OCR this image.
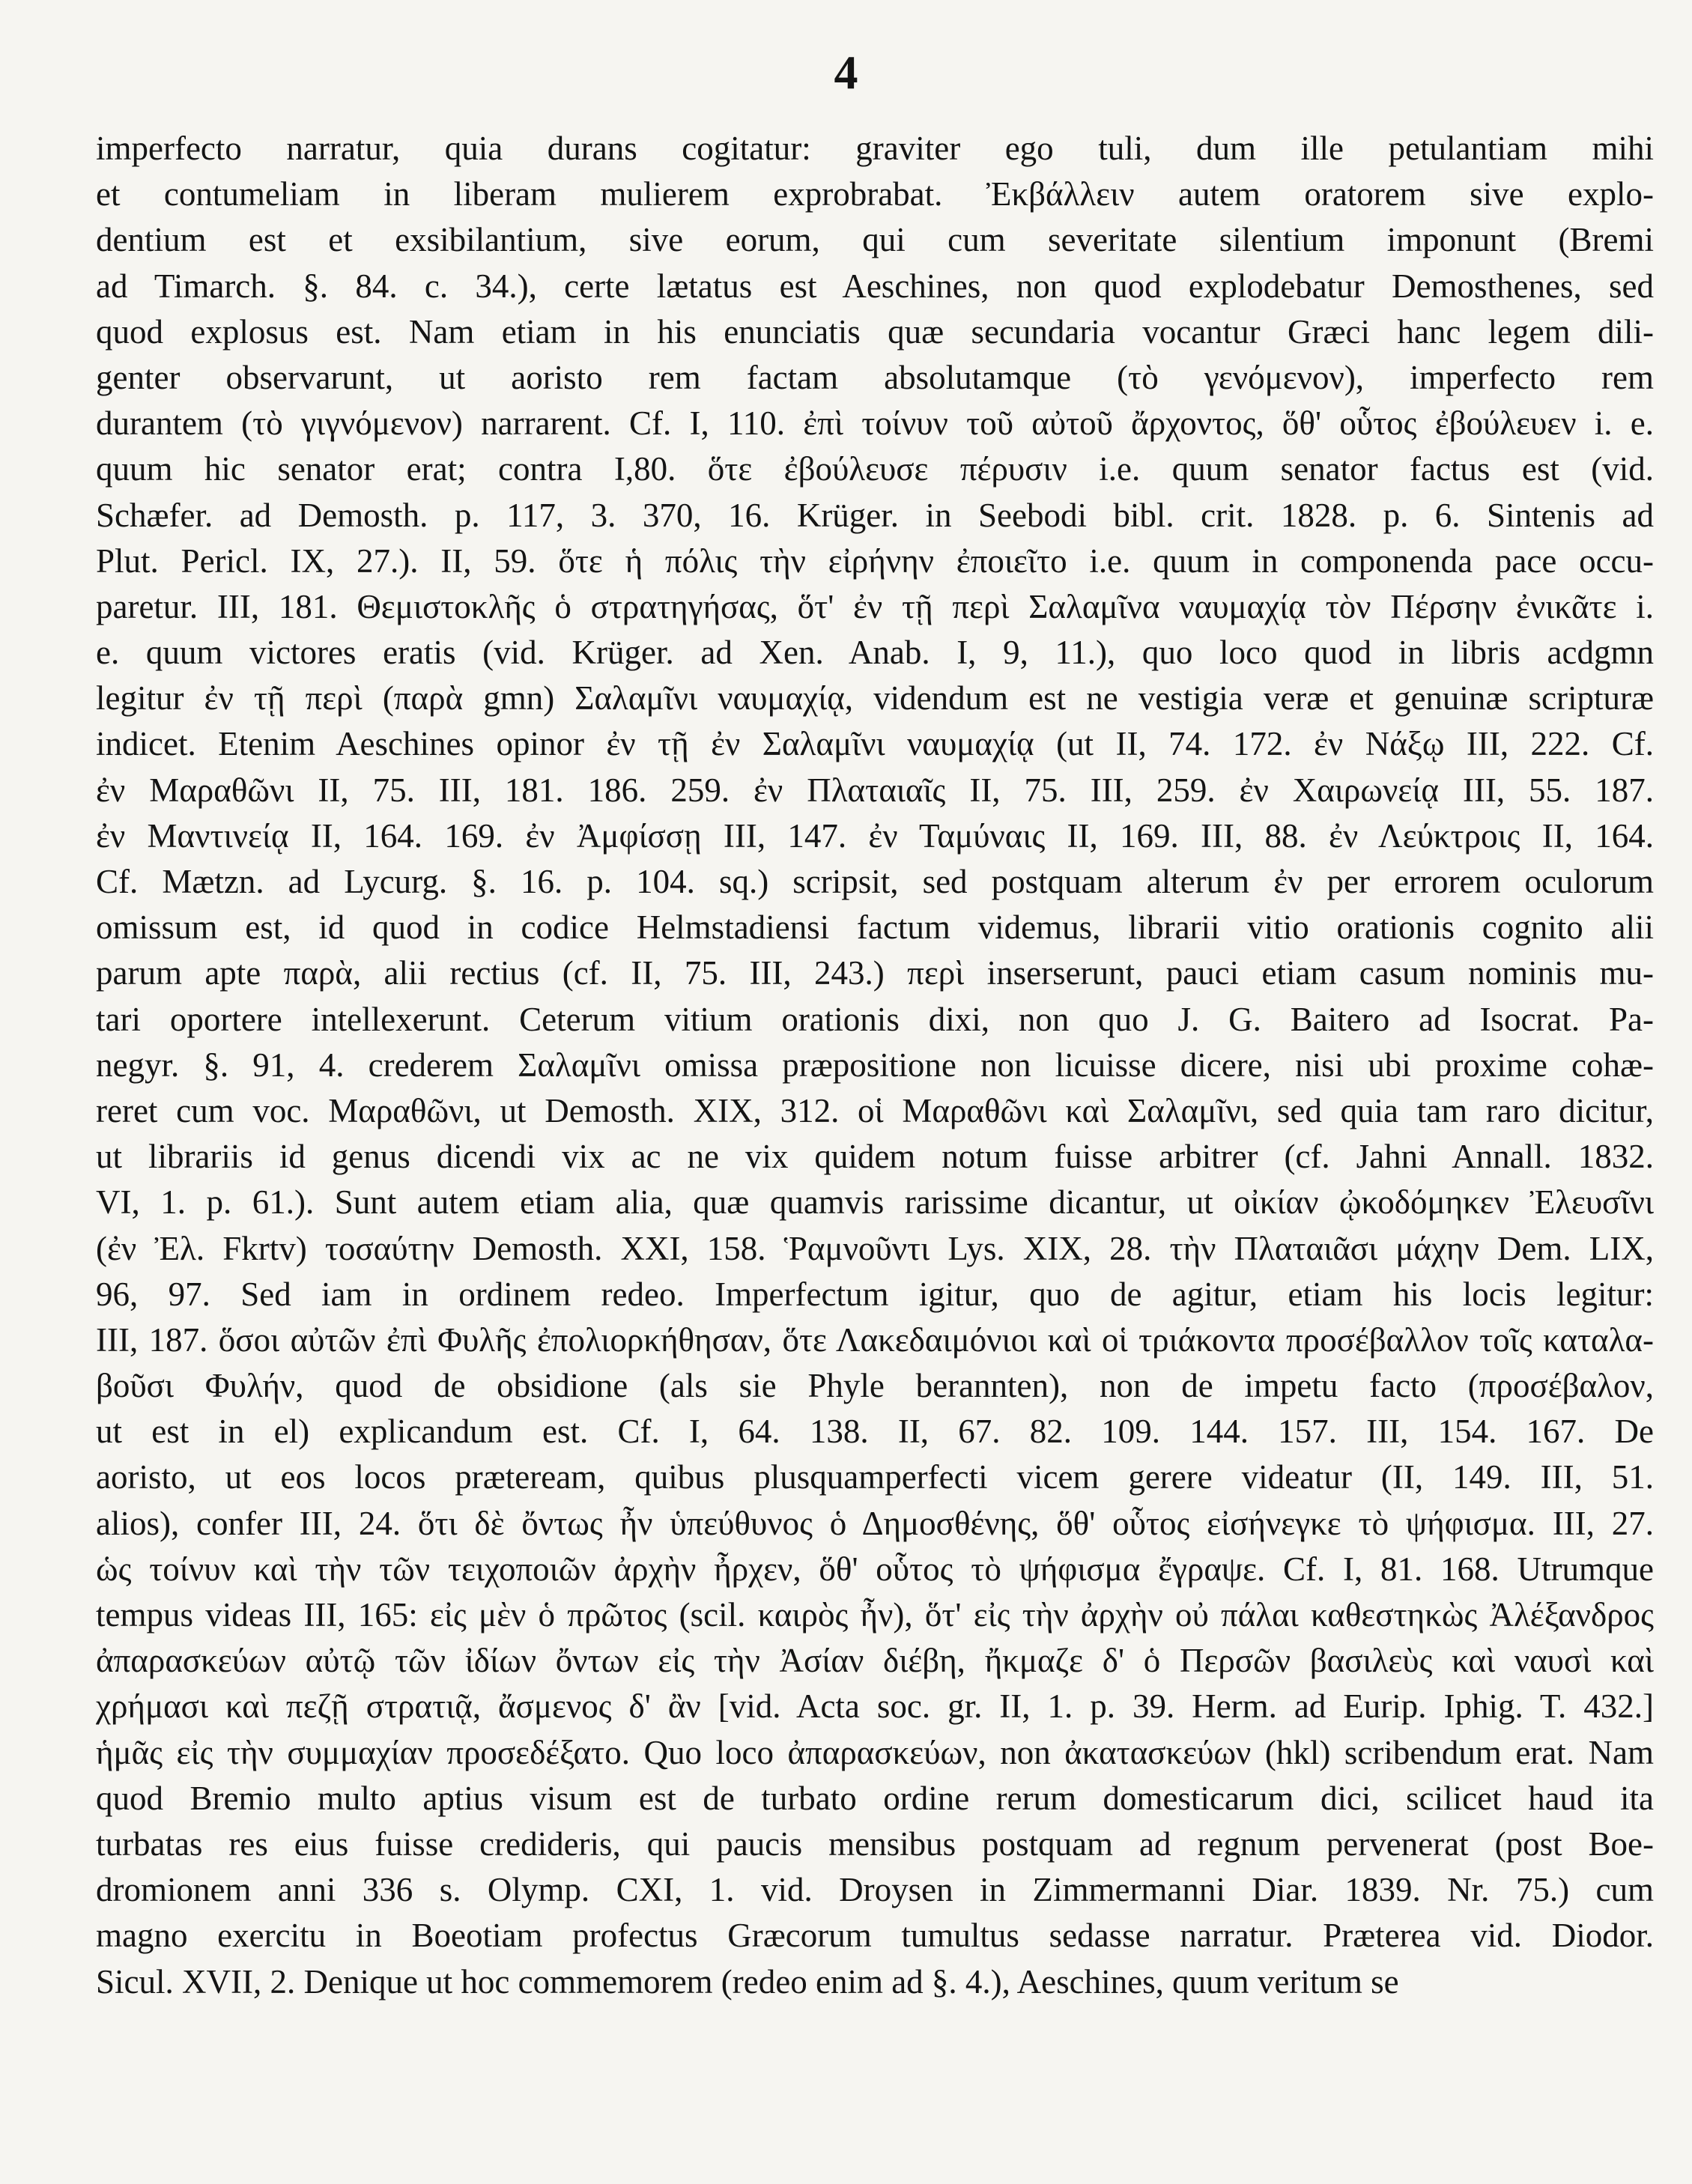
4
imperfecto narratur, quia durans cogitatur: graviter ego tuli, dum ille petulantiam mihi
et contumeliam in liberam mulierem exprobrabat. Ἐκβάλλειν autem oratorem sive explo-
dentium est et exsibilantium, sive eorum, qui cum severitate silentium imponunt (Bremi
ad Timarch. §. 84. c. 34.), certe lætatus est Aeschines, non quod explodebatur Demosthenes, sed
quod explosus est. Nam etiam in his enunciatis quæ secundaria vocantur Græci hanc legem dili-
genter observarunt, ut aoristo rem factam absolutamque (τὸ γενόμενον), imperfecto rem
durantem (τὸ γιγνόμενον) narrarent. Cf. I, 110. ἐπὶ τοίνυν τοῦ αὐτοῦ ἄρχοντος, ὅθ' οὗτος ἐβούλευεν i. e.
quum hic senator erat; contra I,80. ὅτε ἐβούλευσε πέρυσιν i.e. quum senator factus est (vid.
Schæfer. ad Demosth. p. 117, 3. 370, 16. Krüger. in Seebodi bibl. crit. 1828. p. 6. Sintenis ad
Plut. Pericl. IX, 27.). II, 59. ὅτε ἡ πόλις τὴν εἰρήνην ἐποιεῖτο i.e. quum in componenda pace occu-
paretur. III, 181. Θεμιστοκλῆς ὁ στρατηγήσας, ὅτ' ἐν τῇ περὶ Σαλαμῖνα ναυμαχίᾳ τὸν Πέρσην ἐνικᾶτε i.
e. quum victores eratis (vid. Krüger. ad Xen. Anab. I, 9, 11.), quo loco quod in libris acdgmn
legitur ἐν τῇ περὶ (παρὰ gmn) Σαλαμῖνι ναυμαχίᾳ, videndum est ne vestigia veræ et genuinæ scripturæ
indicet. Etenim Aeschines opinor ἐν τῇ ἐν Σαλαμῖνι ναυμαχίᾳ (ut II, 74. 172. ἐν Νάξῳ III, 222. Cf.
ἐν Μαραθῶνι II, 75. III, 181. 186. 259. ἐν Πλαταιαῖς II, 75. III, 259. ἐν Χαιρωνείᾳ III, 55. 187.
ἐν Μαντινείᾳ II, 164. 169. ἐν Ἀμφίσσῃ III, 147. ἐν Ταμύναις II, 169. III, 88. ἐν Λεύκτροις II, 164.
Cf. Mætzn. ad Lycurg. §. 16. p. 104. sq.) scripsit, sed postquam alterum ἐν per errorem oculorum
omissum est, id quod in codice Helmstadiensi factum videmus, librarii vitio orationis cognito alii
parum apte παρὰ, alii rectius (cf. II, 75. III, 243.) περὶ inserserunt, pauci etiam casum nominis mu-
tari oportere intellexerunt. Ceterum vitium orationis dixi, non quo J. G. Baitero ad Isocrat. Pa-
negyr. §. 91, 4. crederem Σαλαμῖνι omissa præpositione non licuisse dicere, nisi ubi proxime cohæ-
reret cum voc. Μαραθῶνι, ut Demosth. XIX, 312. οἱ Μαραθῶνι καὶ Σαλαμῖνι, sed quia tam raro dicitur,
ut librariis id genus dicendi vix ac ne vix quidem notum fuisse arbitrer (cf. Jahni Annall. 1832.
VI, 1. p. 61.). Sunt autem etiam alia, quæ quamvis rarissime dicantur, ut οἰκίαν ᾠκοδόμηκεν Ἐλευσῖνι
(ἐν Ἐλ. Fkrtv) τοσαύτην Demosth. XXI, 158. Ῥαμνοῦντι Lys. XIX, 28. τὴν Πλαταιᾶσι μάχην Dem. LIX,
96, 97. Sed iam in ordinem redeo. Imperfectum igitur, quo de agitur, etiam his locis legitur:
III, 187. ὅσοι αὐτῶν ἐπὶ Φυλῆς ἐπολιορκήθησαν, ὅτε Λακεδαιμόνιοι καὶ οἱ τριάκοντα προσέβαλλον τοῖς καταλα-
βοῦσι Φυλήν, quod de obsidione (als sie Phyle berannten), non de impetu facto (προσέβαλον,
ut est in el) explicandum est. Cf. I, 64. 138. II, 67. 82. 109. 144. 157. III, 154. 167. De
aoristo, ut eos locos præteream, quibus plusquamperfecti vicem gerere videatur (II, 149. III, 51.
alios), confer III, 24. ὅτι δὲ ὄντως ἦν ὑπεύθυνος ὁ Δημοσθένης, ὅθ' οὗτος εἰσήνεγκε τὸ ψήφισμα. III, 27.
ὡς τοίνυν καὶ τὴν τῶν τειχοποιῶν ἀρχὴν ἦρχεν, ὅθ' οὗτος τὸ ψήφισμα ἔγραψε. Cf. I, 81. 168. Utrumque
tempus videas III, 165: εἰς μὲν ὁ πρῶτος (scil. καιρὸς ἦν), ὅτ' εἰς τὴν ἀρχὴν οὐ πάλαι καθεστηκὼς Ἀλέξανδρος
ἀπαρασκεύων αὐτῷ τῶν ἰδίων ὄντων εἰς τὴν Ἀσίαν διέβη, ἤκμαζε δ' ὁ Περσῶν βασιλεὺς καὶ ναυσὶ καὶ
χρήμασι καὶ πεζῇ στρατιᾷ, ἄσμενος δ' ἂν [vid. Acta soc. gr. II, 1. p. 39. Herm. ad Eurip. Iphig. T. 432.]
ἡμᾶς εἰς τὴν συμμαχίαν προσεδέξατο. Quo loco ἀπαρασκεύων, non ἀκατασκεύων (hkl) scribendum erat. Nam
quod Bremio multo aptius visum est de turbato ordine rerum domesticarum dici, scilicet haud ita
turbatas res eius fuisse credideris, qui paucis mensibus postquam ad regnum pervenerat (post Boe-
dromionem anni 336 s. Olymp. CXI, 1. vid. Droysen in Zimmermanni Diar. 1839. Nr. 75.) cum
magno exercitu in Boeotiam profectus Græcorum tumultus sedasse narratur. Præterea vid. Diodor.
Sicul. XVII, 2. Denique ut hoc commemorem (redeo enim ad §. 4.), Aeschines, quum veritum se
